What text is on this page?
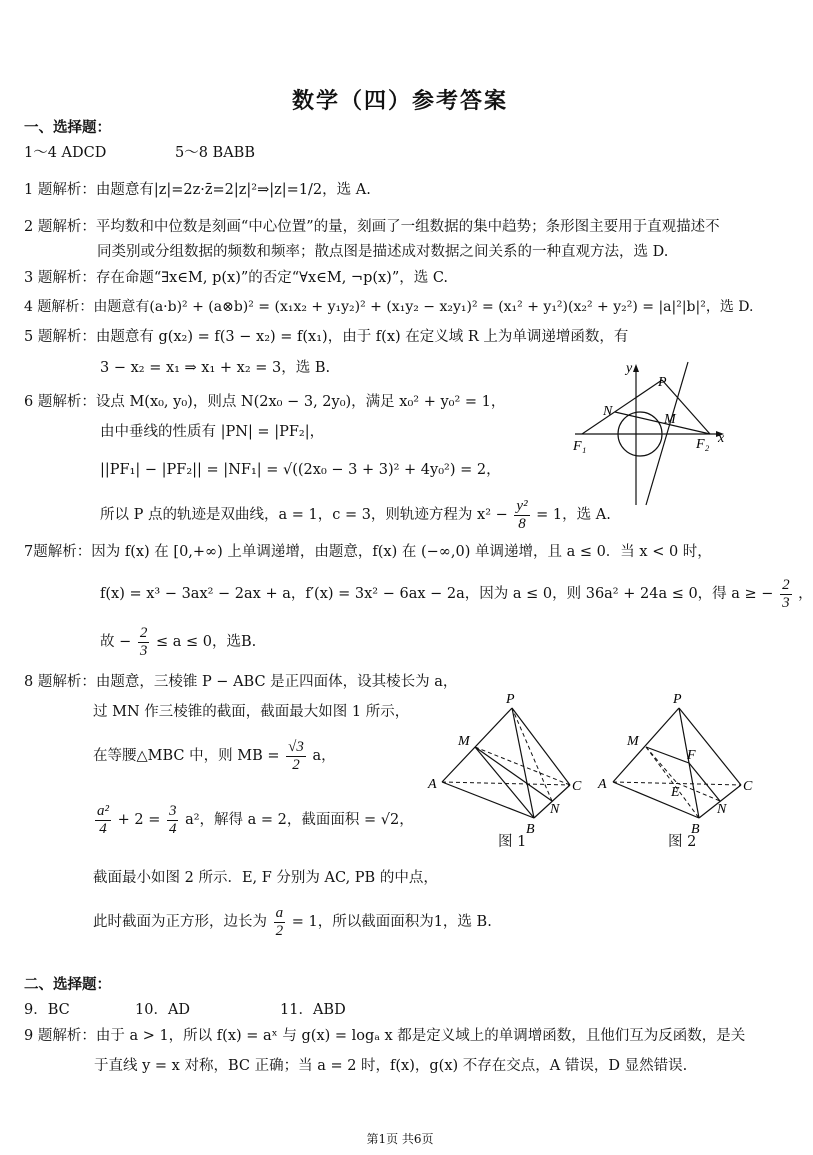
数学（四）参考答案
一、选择题：
1～4 ADCD	5～8 BABB
1 题解析：由题意有|z|=2z·z̄=2|z|²⇒|z|=1/2，选 A.
2 题解析：平均数和中位数是刻画“中心位置”的量，刻画了一组数据的集中趋势；条形图主要用于直观描述不
同类别或分组数据的频数和频率；散点图是描述成对数据之间关系的一种直观方法，选 D.
3 题解析：存在命题“∃x∈M, p(x)”的否定“∀x∈M, ¬p(x)”，选 C.
4 题解析：由题意有(a·b)² + (a⊗b)² = (x₁x₂ + y₁y₂)² + (x₁y₂ − x₂y₁)² = (x₁² + y₁²)(x₂² + y₂²) = |a|²|b|²，选 D.
5 题解析：由题意有 g(x₂) = f(3 − x₂) = f(x₁)，由于 f(x) 在定义域 R 上为单调递增函数，有
3 − x₂ = x₁ ⇒ x₁ + x₂ = 3，选 B.
6 题解析：设点 M(x₀, y₀)，则点 N(2x₀ − 3, 2y₀)，满足 x₀² + y₀² = 1，
由中垂线的性质有 |PN| = |PF₂|，
||PF₁| − |PF₂|| = |NF₁| = √((2x₀ − 3 + 3)² + 4y₀²) = 2，
所以 P 点的轨迹是双曲线，a = 1，c = 3，则轨迹方程为 $x^2 - \frac{\text{y²}}{8} = 1$，选 A.
y
x
P
N
M
F₁	F₂
7题解析：因为 f(x) 在 [0,+∞) 上单调递增，由题意，f(x) 在 (−∞,0) 单调递增，且 a ≤ 0．当 x < 0 时，
f(x) = x³ − 3ax² − 2ax + a，f′(x) = 3x² − 6ax − 2a，因为 a ≤ 0，则 36a² + 24a ≤ 0，得 a ≥ − $\frac{2}{3}$ ，
故 − $\frac{2}{3} \le a \le 0$，选B.
8 题解析：由题意，三棱锥 P − ABC 是正四面体，设其棱长为 a，
过 MN 作三棱锥的截面，截面最大如图 1 所示，
在等腰△MBC 中，则 MB = $\frac{√3}{2}$ a，
$\frac{\text{a²}}{4} + 2 = \frac{3}{4} a^2$，解得 a = 2，截面面积 = √2，
截面最小如图 2 所示．E, F 分别为 AC, PB 的中点，
此时截面为正方形，边长为 $\frac{a}{2} = 1$，所以截面面积为1，选 B.
P
M
A	C
N
B
图 1
P
M
F
A
E	C
N
B
图 2
二、选择题：
9．BC	10．AD	11．ABD
9 题解析：由于 a > 1，所以 f(x) = aˣ 与 g(x) = logₐ x 都是定义域上的单调增函数，且他们互为反函数，是关
于直线 y = x 对称，BC 正确；当 a = 2 时，f(x)，g(x) 不存在交点，A 错误，D 显然错误.
第1页 共6页
